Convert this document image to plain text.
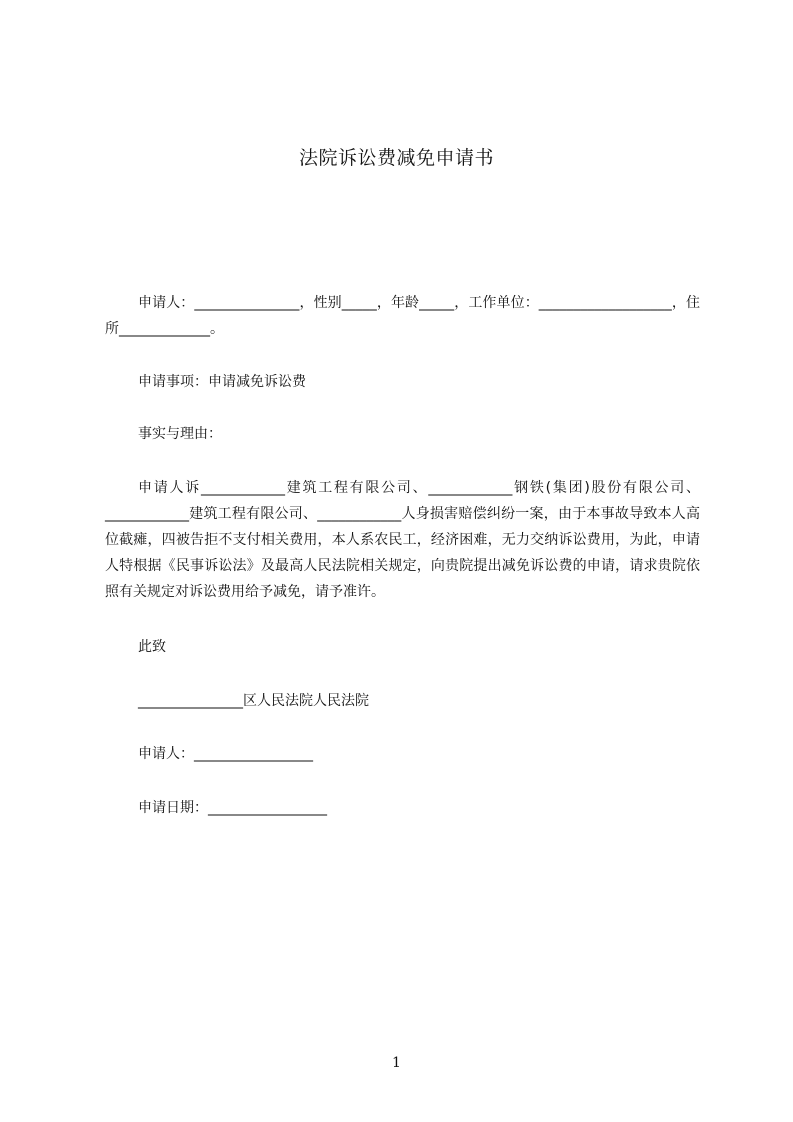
法院诉讼费减免申请书

申请人：_______________，性别_____，年龄_____，工作单位：___________________，住所_____________。

申请事项：申请减免诉讼费
事实与理由：

申请人诉____________建筑工程有限公司、____________钢铁(集团)股份有限公司、____________建筑工程有限公司、____________人身损害赔偿纠纷一案，由于本事故导致本人高位截瘫，四被告拒不支付相关费用，本人系农民工，经济困难，无力交纳诉讼费用，为此，申请人特根据《民事诉讼法》及最高人民法院相关规定，向贵院提出减免诉讼费的申请，请求贵院依照有关规定对诉讼费用给予减免，请予准许。

此致
_______________区人民法院人民法院
申请人：_________________
申请日期：_________________
1
